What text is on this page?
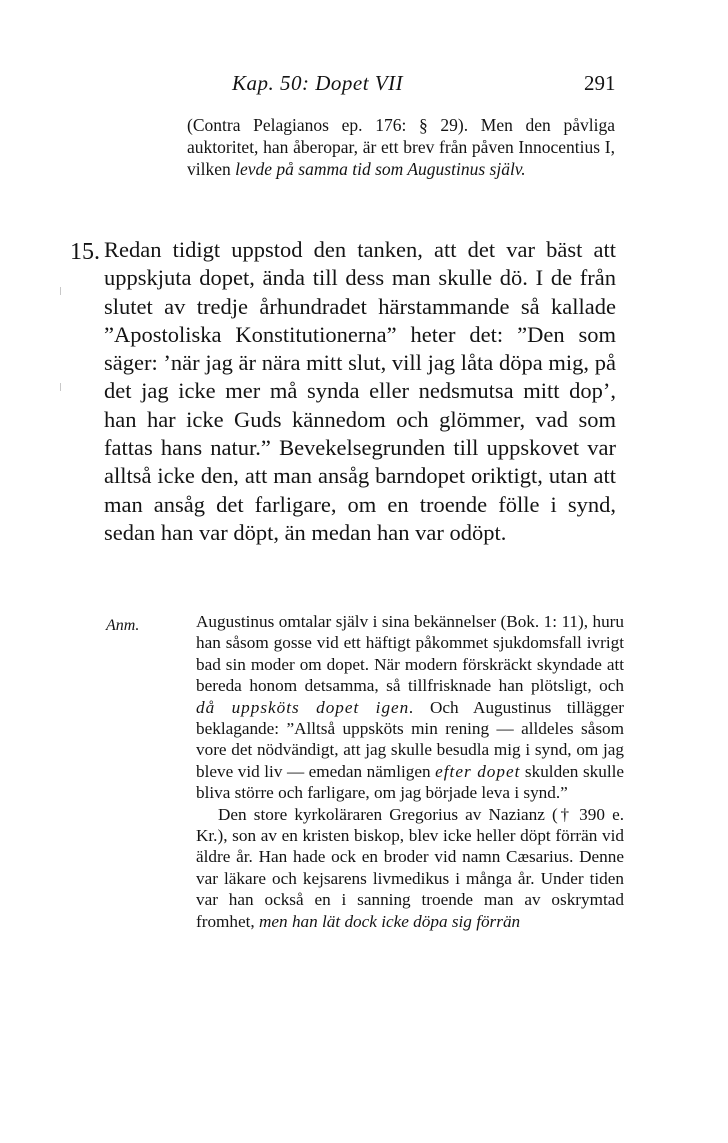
Kap. 50: Dopet VII	291
(Contra Pelagianos ep. 176: § 29). Men den påvliga auktoritet, han åberopar, är ett brev från påven Innocentius I, vilken levde på samma tid som Augustinus själv.
15. Redan tidigt uppstod den tanken, att det var bäst att uppskjuta dopet, ända till dess man skulle dö. I de från slutet av tredje århundradet härstammande så kallade ”Apostoliska Konstitutionerna” heter det: ”Den som säger: ’när jag är nära mitt slut, vill jag låta döpa mig, på det jag icke mer må synda eller nedsmutsa mitt dop’, han har icke Guds kännedom och glömmer, vad som fattas hans natur.” Bevekelsegrunden till uppskovet var alltså icke den, att man ansåg barndopet oriktigt, utan att man ansåg det farligare, om en troende fölle i synd, sedan han var döpt, än medan han var odöpt.

Anm.	Augustinus omtalar själv i sina bekännelser (Bok. 1: 11), huru han såsom gosse vid ett häftigt påkommet sjukdomsfall ivrigt bad sin moder om dopet. När modern förskräckt skyndade att bereda honom detsamma, så tillfrisknade han plötsligt, och då uppsköts dopet igen. Och Augustinus tillägger beklagande: ”Alltså uppsköts min rening — alldeles såsom vore det nödvändigt, att jag skulle besudla mig i synd, om jag bleve vid liv — emedan nämligen efter dopet skulden skulle bliva större och farligare, om jag började leva i synd.”

Den store kyrkoläraren Gregorius av Nazianz († 390 e. Kr.), son av en kristen biskop, blev icke heller döpt förrän vid äldre år. Han hade ock en broder vid namn Cæsarius. Denne var läkare och kejsarens livmedikus i många år. Under tiden var han också en i sanning troende man av oskrymtad fromhet, men han lät dock icke döpa sig förrän
